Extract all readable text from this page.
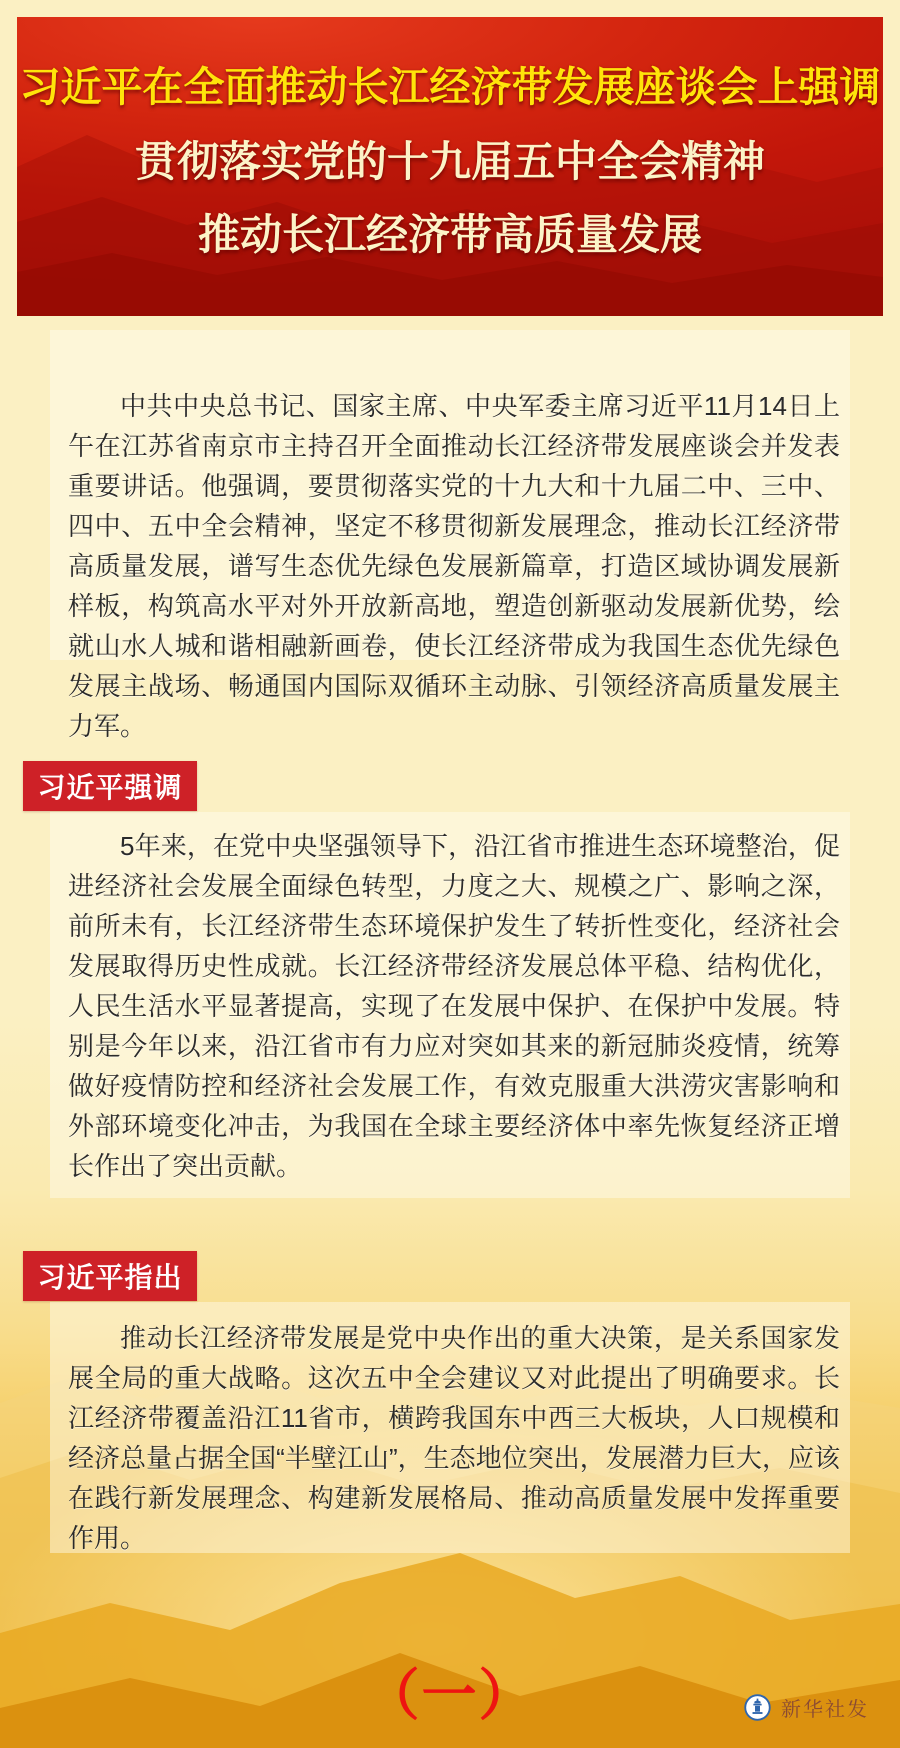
习近平在全面推动长江经济带发展座谈会上强调
贯彻落实党的十九届五中全会精神
推动长江经济带高质量发展

中共中央总书记、国家主席、中央军委主席习近平11月14日上午在江苏省南京市主持召开全面推动长江经济带发展座谈会并发表重要讲话。他强调，要贯彻落实党的十九大和十九届二中、三中、四中、五中全会精神，坚定不移贯彻新发展理念，推动长江经济带高质量发展，谱写生态优先绿色发展新篇章，打造区域协调发展新样板，构筑高水平对外开放新高地，塑造创新驱动发展新优势，绘就山水人城和谐相融新画卷，使长江经济带成为我国生态优先绿色发展主战场、畅通国内国际双循环主动脉、引领经济高质量发展主力军。

习近平强调

5年来，在党中央坚强领导下，沿江省市推进生态环境整治，促进经济社会发展全面绿色转型，力度之大、规模之广、影响之深，前所未有，长江经济带生态环境保护发生了转折性变化，经济社会发展取得历史性成就。长江经济带经济发展总体平稳、结构优化，人民生活水平显著提高，实现了在发展中保护、在保护中发展。特别是今年以来，沿江省市有力应对突如其来的新冠肺炎疫情，统筹做好疫情防控和经济社会发展工作，有效克服重大洪涝灾害影响和外部环境变化冲击，为我国在全球主要经济体中率先恢复经济正增长作出了突出贡献。

习近平指出

推动长江经济带发展是党中央作出的重大决策，是关系国家发展全局的重大战略。这次五中全会建议又对此提出了明确要求。长江经济带覆盖沿江11省市，横跨我国东中西三大板块，人口规模和经济总量占据全国“半壁江山”，生态地位突出，发展潜力巨大，应该在践行新发展理念、构建新发展格局、推动高质量发展中发挥重要作用。

（一）	新华社发
